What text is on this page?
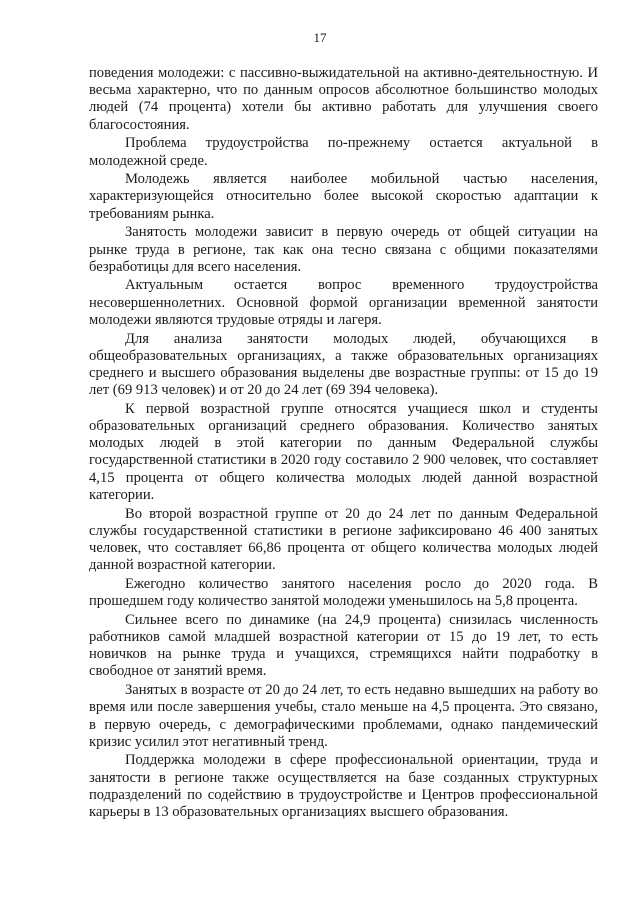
17

поведения молодежи: с пассивно-выжидательной на активно-деятельностную. И весьма характерно, что по данным опросов абсолютное большинство молодых людей (74 процента) хотели бы активно работать для улучшения своего благосостояния.

Проблема трудоустройства по-прежнему остается актуальной в молодежной среде.

Молодежь является наиболее мобильной частью населения, характеризующейся относительно более высокой скоростью адаптации к требованиям рынка.

Занятость молодежи зависит в первую очередь от общей ситуации на рынке труда в регионе, так как она тесно связана с общими показателями безработицы для всего населения.

Актуальным остается вопрос временного трудоустройства несовершеннолетних. Основной формой организации временной занятости молодежи являются трудовые отряды и лагеря.

Для анализа занятости молодых людей, обучающихся в общеобразовательных организациях, а также образовательных организациях среднего и высшего образования выделены две возрастные группы: от 15 до 19 лет (69 913 человек) и от 20 до 24 лет (69 394 человека).

К первой возрастной группе относятся учащиеся школ и студенты образовательных организаций среднего образования. Количество занятых молодых людей в этой категории по данным Федеральной службы государственной статистики в 2020 году составило 2 900 человек, что составляет 4,15 процента от общего количества молодых людей данной возрастной категории.

Во второй возрастной группе от 20 до 24 лет по данным Федеральной службы государственной статистики в регионе зафиксировано 46 400 занятых человек, что составляет 66,86 процента от общего количества молодых людей данной возрастной категории.

Ежегодно количество занятого населения росло до 2020 года. В прошедшем году количество занятой молодежи уменьшилось на 5,8 процента.

Сильнее всего по динамике (на 24,9 процента) снизилась численность работников самой младшей возрастной категории от 15 до 19 лет, то есть новичков на рынке труда и учащихся, стремящихся найти подработку в свободное от занятий время.

Занятых в возрасте от 20 до 24 лет, то есть недавно вышедших на работу во время или после завершения учебы, стало меньше на 4,5 процента. Это связано, в первую очередь, с демографическими проблемами, однако пандемический кризис усилил этот негативный тренд.

Поддержка молодежи в сфере профессиональной ориентации, труда и занятости в регионе также осуществляется на базе созданных структурных подразделений по содействию в трудоустройстве и Центров профессиональной карьеры в 13 образовательных организациях высшего образования.
